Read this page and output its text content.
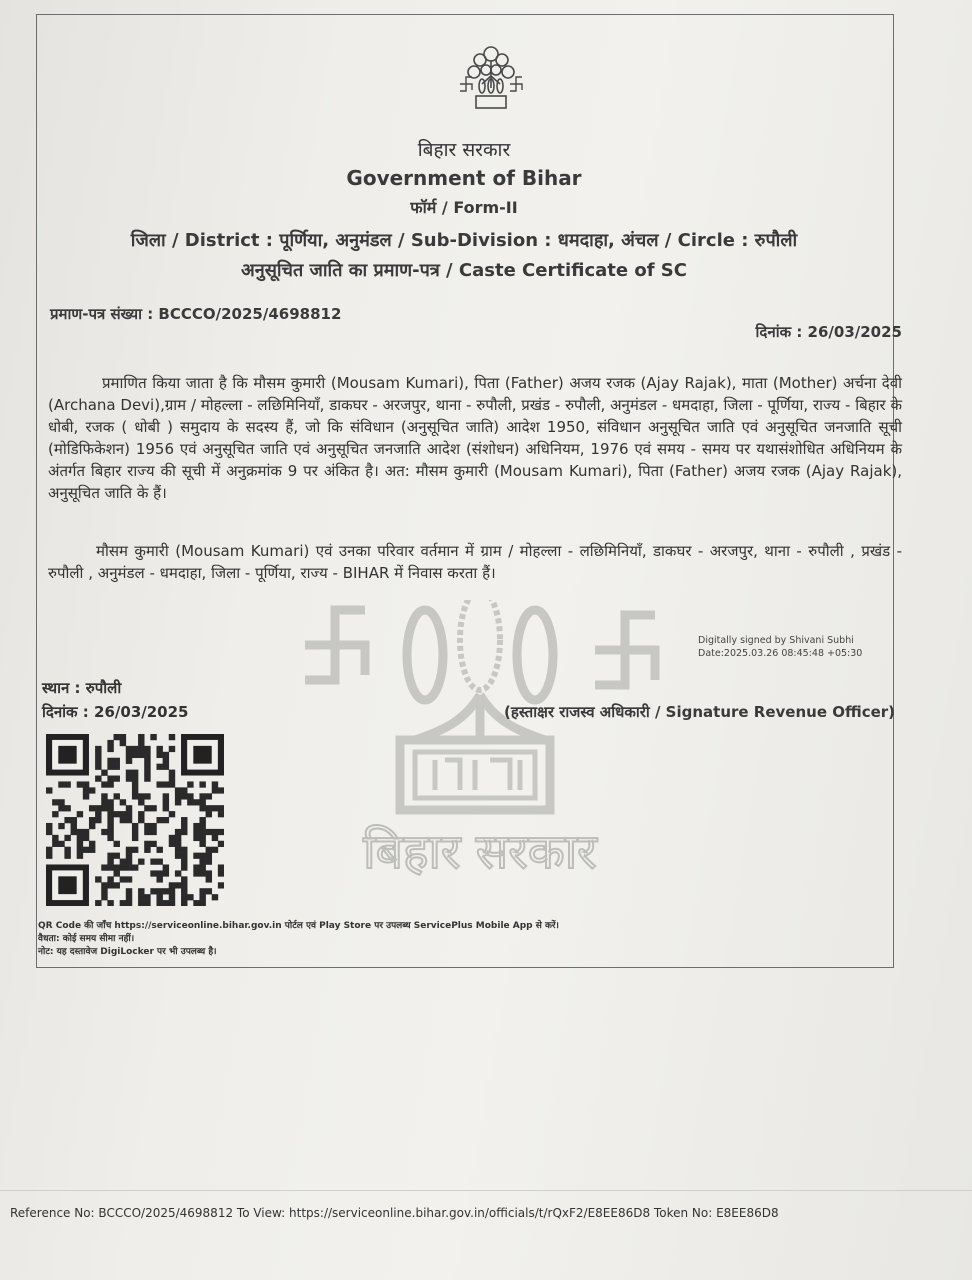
बिहार सरकार
बिहार सरकार
Government of Bihar
फॉर्म / Form-II
जिला / District : पूर्णिया, अनुमंडल / Sub-Division : धमदाहा, अंचल / Circle : रुपौली
अनुसूचित जाति का प्रमाण-पत्र / Caste Certificate of SC
प्रमाण-पत्र संख्या : BCCCO/2025/4698812
दिनांक : 26/03/2025
प्रमाणित किया जाता है कि मौसम कुमारी (Mousam Kumari), पिता (Father) अजय रजक (Ajay Rajak), माता (Mother) अर्चना देवी (Archana Devi),ग्राम / मोहल्ला - लछिमिनियाँ, डाकघर - अरजपुर, थाना - रुपौली, प्रखंड - रुपौली, अनुमंडल - धमदाहा, जिला - पूर्णिया, राज्य - बिहार के धोबी, रजक ( धोबी ) समुदाय के सदस्य हैं, जो कि संविधान (अनुसूचित जाति) आदेश 1950, संविधान अनुसूचित जाति एवं अनुसूचित जनजाति सूची (मोडिफिकेशन) 1956 एवं अनुसूचित जाति एवं अनुसूचित जनजाति आदेश (संशोधन) अधिनियम, 1976 एवं समय - समय पर यथासंशोधित अधिनियम के अंतर्गत बिहार राज्य की सूची में अनुक्रमांक 9 पर अंकित है। अत: मौसम कुमारी (Mousam Kumari), पिता (Father) अजय रजक (Ajay Rajak), अनुसूचित जाति के हैं।
मौसम कुमारी (Mousam Kumari) एवं उनका परिवार वर्तमान में ग्राम / मोहल्ला - लछिमिनियाँ, डाकघर - अरजपुर, थाना - रुपौली , प्रखंड - रुपौली , अनुमंडल - धमदाहा, जिला - पूर्णिया, राज्य - BIHAR में निवास करता हैं।
Digitally signed by Shivani Subhi
Date:2025.03.26 08:45:48 +05:30
स्थान : रुपौली
दिनांक : 26/03/2025	(हस्ताक्षर राजस्व अधिकारी / Signature Revenue Officer)
QR Code की जाँच https://serviceonline.bihar.gov.in पोर्टल एवं Play Store पर उपलब्ध ServicePlus Mobile App से करें।
वैधता: कोई समय सीमा नहीं।
नोट: यह दस्तावेज DigiLocker पर भी उपलब्ध है।
Reference No: BCCCO/2025/4698812 To View: https://serviceonline.bihar.gov.in/officials/t/rQxF2/E8EE86D8 Token No: E8EE86D8
